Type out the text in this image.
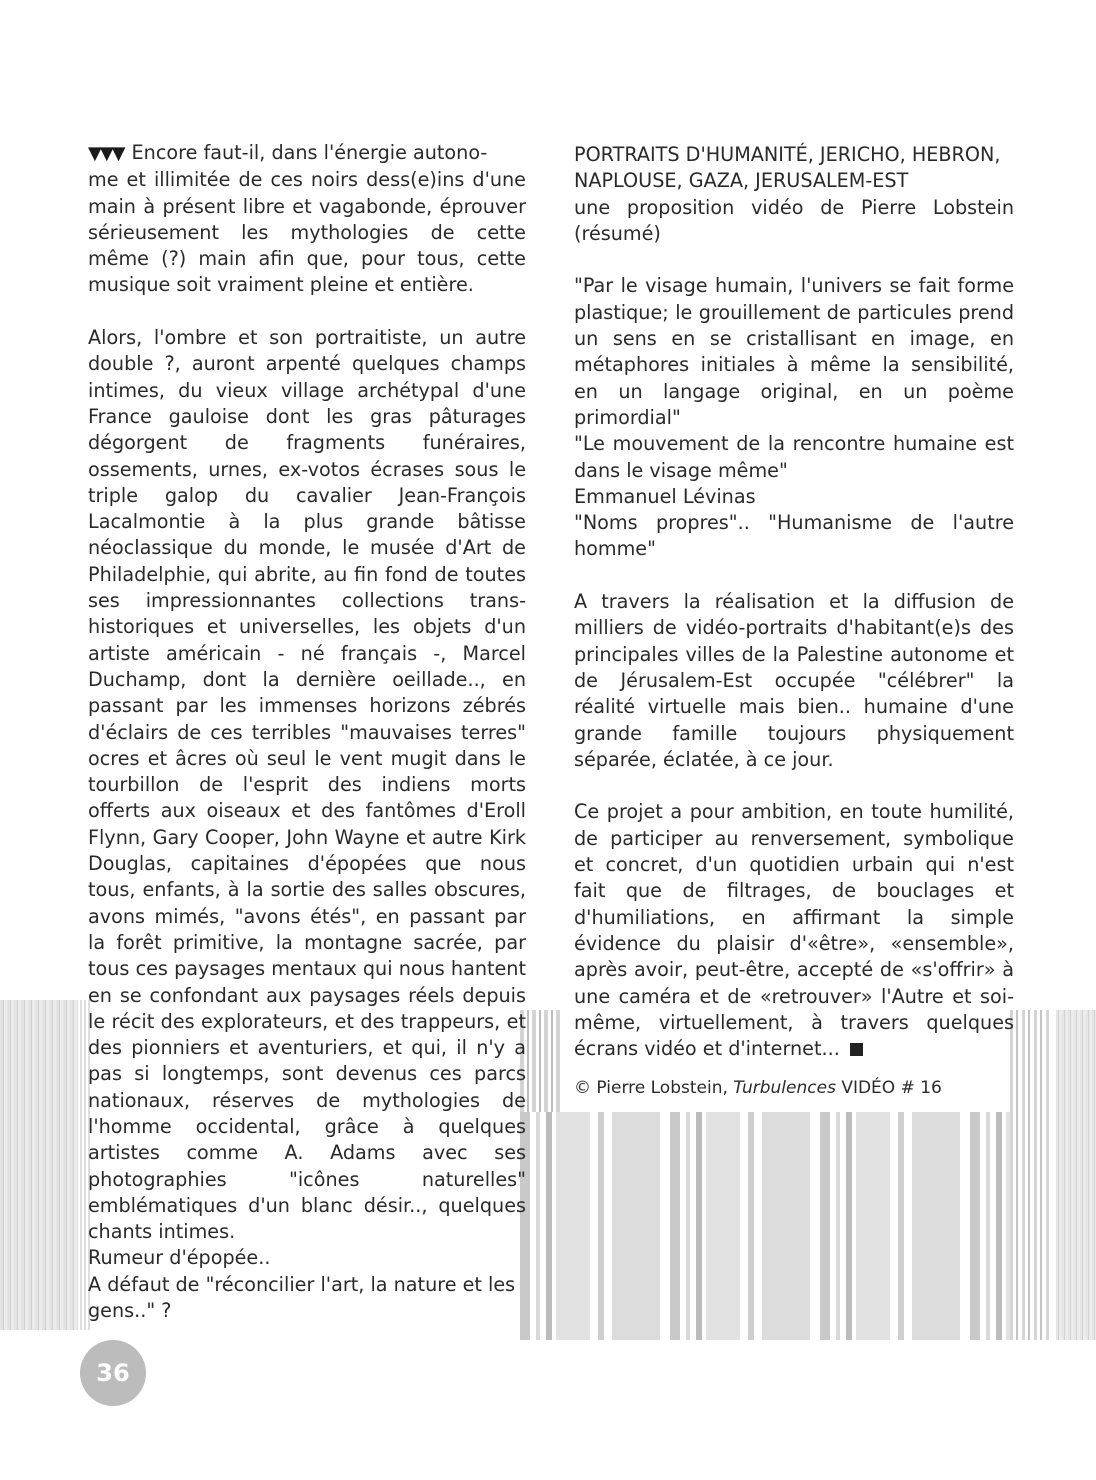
▼▼▼ Encore faut-il, dans l'énergie autono-

me et illimitée de ces noirs dess(e)ins d'une main à présent libre et vagabonde, éprouver sérieusement les mythologies de cette même (?) main afin que, pour tous, cette musique soit vraiment pleine et entière.

Alors, l'ombre et son portraitiste, un autre double ?, auront arpenté quelques champs intimes, du vieux village archétypal d'une France gauloise dont les gras pâturages dégorgent de fragments funéraires, ossements, urnes, ex-votos écrases sous le triple galop du cavalier Jean-François Lacalmontie à la plus grande bâtisse néoclassique du monde, le musée d'Art de Philadelphie, qui abrite, au fin fond de toutes ses impressionnantes collections trans-historiques et universelles, les objets d'un artiste américain - né français -, Marcel Duchamp, dont la dernière oeillade.., en passant par les immenses horizons zébrés d'éclairs de ces terribles "mauvaises terres" ocres et âcres où seul le vent mugit dans le tourbillon de l'esprit des indiens morts offerts aux oiseaux et des fantômes d'Eroll Flynn, Gary Cooper, John Wayne et autre Kirk Douglas, capitaines d'épopées que nous tous, enfants, à la sortie des salles obscures, avons mimés, "avons étés", en passant par la forêt primitive, la montagne sacrée, par tous ces paysages mentaux qui nous hantent en se confondant aux paysages réels depuis le récit des explorateurs, et des trappeurs, et des pionniers et aventuriers, et qui, il n'y a pas si longtemps, sont devenus ces parcs nationaux, réserves de mythologies de l'homme occidental, grâce à quelques artistes comme A. Adams avec ses photographies "icônes naturelles" emblématiques d'un blanc désir.., quelques chants intimes.

Rumeur d'épopée..

A défaut de "réconcilier l'art, la nature et les gens.." ?

PORTRAITS D'HUMANITÉ, JERICHO, HEBRON, NAPLOUSE, GAZA, JERUSALEM-EST

une proposition vidéo de Pierre Lobstein (résumé)

"Par le visage humain, l'univers se fait forme plastique; le grouillement de particules prend un sens en se cristallisant en image, en métaphores initiales à même la sensibilité, en un langage original, en un poème primordial"

"Le mouvement de la rencontre humaine est dans le visage même"

Emmanuel Lévinas

"Noms propres".. "Humanisme de l'autre homme"

A travers la réalisation et la diffusion de milliers de vidéo-portraits d'habitant(e)s des principales villes de la Palestine autonome et de Jérusalem-Est occupée "célébrer" la réalité virtuelle mais bien.. humaine d'une grande famille toujours physiquement séparée, éclatée, à ce jour.

Ce projet a pour ambition, en toute humilité, de participer au renversement, symbolique et concret, d'un quotidien urbain qui n'est fait que de filtrages, de bouclages et d'humiliations, en affirmant la simple évidence du plaisir d'«être», «ensemble», après avoir, peut-être, accepté de «s'offrir» à une caméra et de «retrouver» l'Autre et soi-même, virtuellement, à travers quelques écrans vidéo et d'internet...

© Pierre Lobstein, Turbulences VIDÉO # 16
36
